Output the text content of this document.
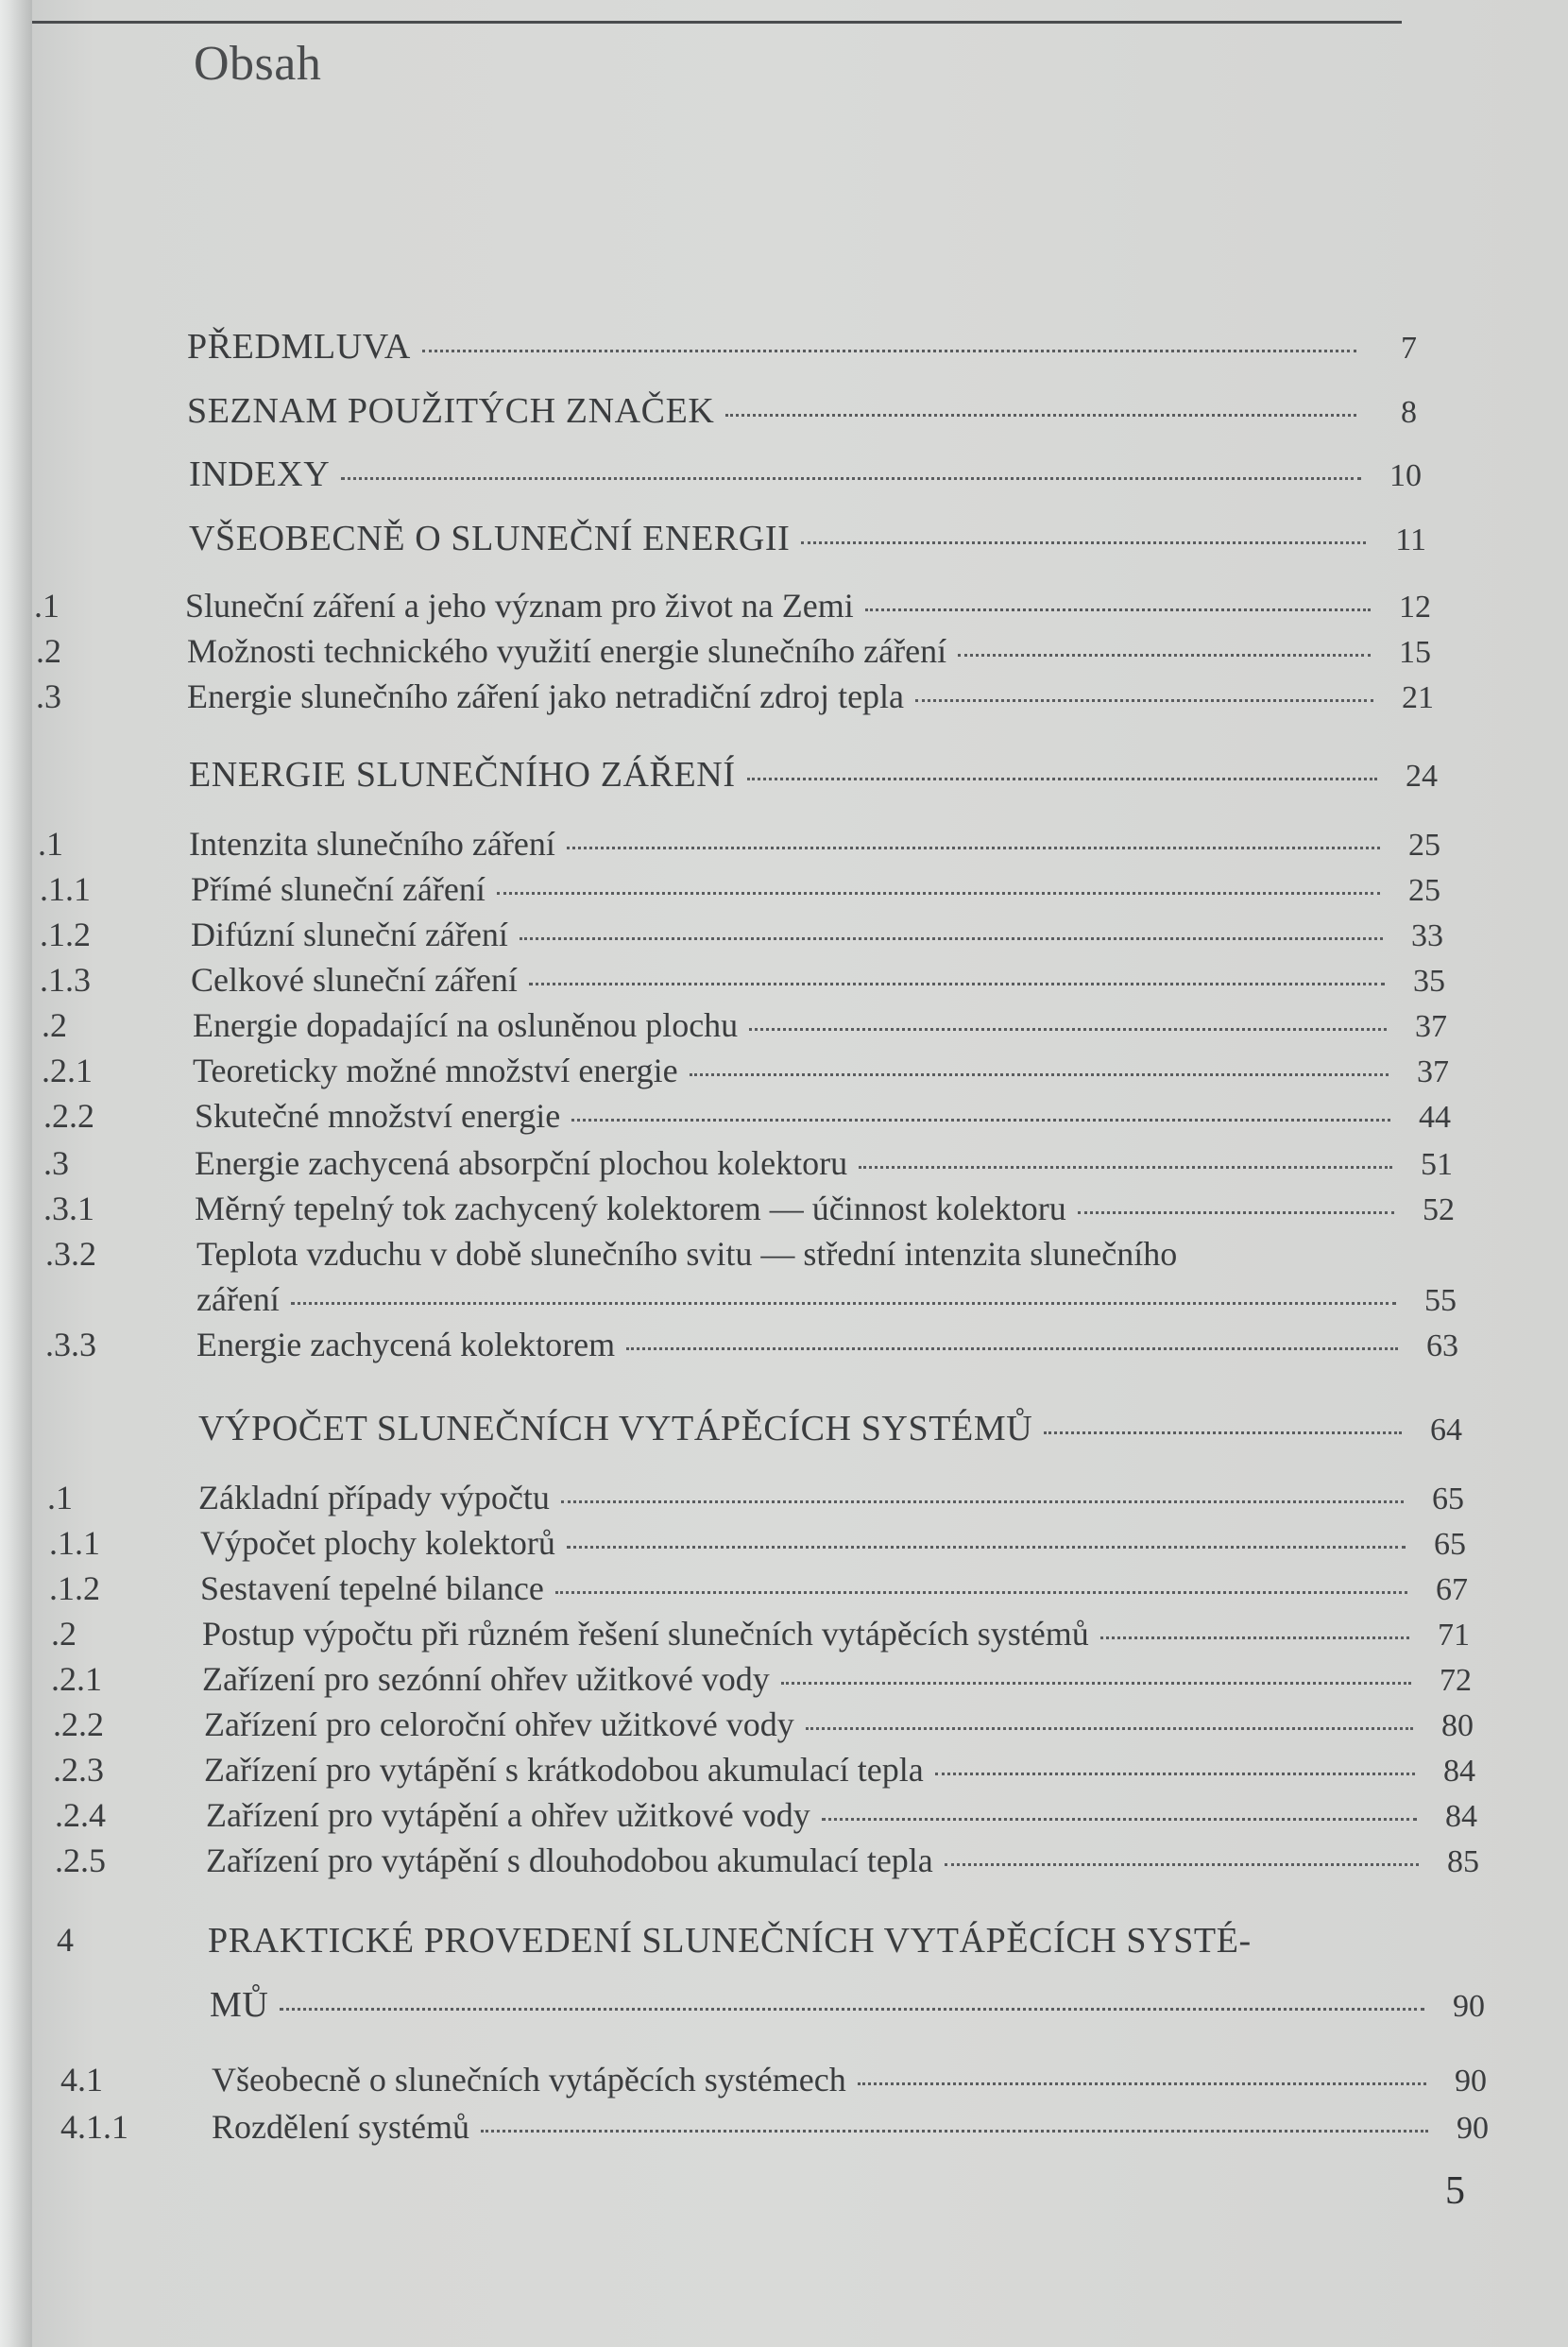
Obsah
PŘEDMLUVA	7
SEZNAM POUŽITÝCH ZNAČEK	8
INDEXY	10
VŠEOBECNĚ O SLUNEČNÍ ENERGII	11
.1	Sluneční záření a jeho význam pro život na Zemi	12
.2	Možnosti technického využití energie slunečního záření	15
.3	Energie slunečního záření jako netradiční zdroj tepla	21
ENERGIE SLUNEČNÍHO ZÁŘENÍ	24
.1	Intenzita slunečního záření	25
.1.1	Přímé sluneční záření	25
.1.2	Difúzní sluneční záření	33
.1.3	Celkové sluneční záření	35
.2	Energie dopadající na osluněnou plochu	37
.2.1	Teoreticky možné množství energie	37
.2.2	Skutečné množství energie	44
.3	Energie zachycená absorpční plochou kolektoru	51
.3.1	Měrný tepelný tok zachycený kolektorem — účinnost kolektoru	52
.3.2	Teplota vzduchu v době slunečního svitu — střední intenzita slunečního
záření	55
.3.3	Energie zachycená kolektorem	63
VÝPOČET SLUNEČNÍCH VYTÁPĚCÍCH SYSTÉMŮ	64
.1	Základní případy výpočtu	65
.1.1	Výpočet plochy kolektorů	65
.1.2	Sestavení tepelné bilance	67
.2	Postup výpočtu při různém řešení slunečních vytápěcích systémů	71
.2.1	Zařízení pro sezónní ohřev užitkové vody	72
.2.2	Zařízení pro celoroční ohřev užitkové vody	80
.2.3	Zařízení pro vytápění s krátkodobou akumulací tepla	84
.2.4	Zařízení pro vytápění a ohřev užitkové vody	84
.2.5	Zařízení pro vytápění s dlouhodobou akumulací tepla	85
4	PRAKTICKÉ PROVEDENÍ SLUNEČNÍCH VYTÁPĚCÍCH SYSTÉ-
MŮ	90
4.1	Všeobecně o slunečních vytápěcích systémech	90
4.1.1	Rozdělení systémů	90
5
